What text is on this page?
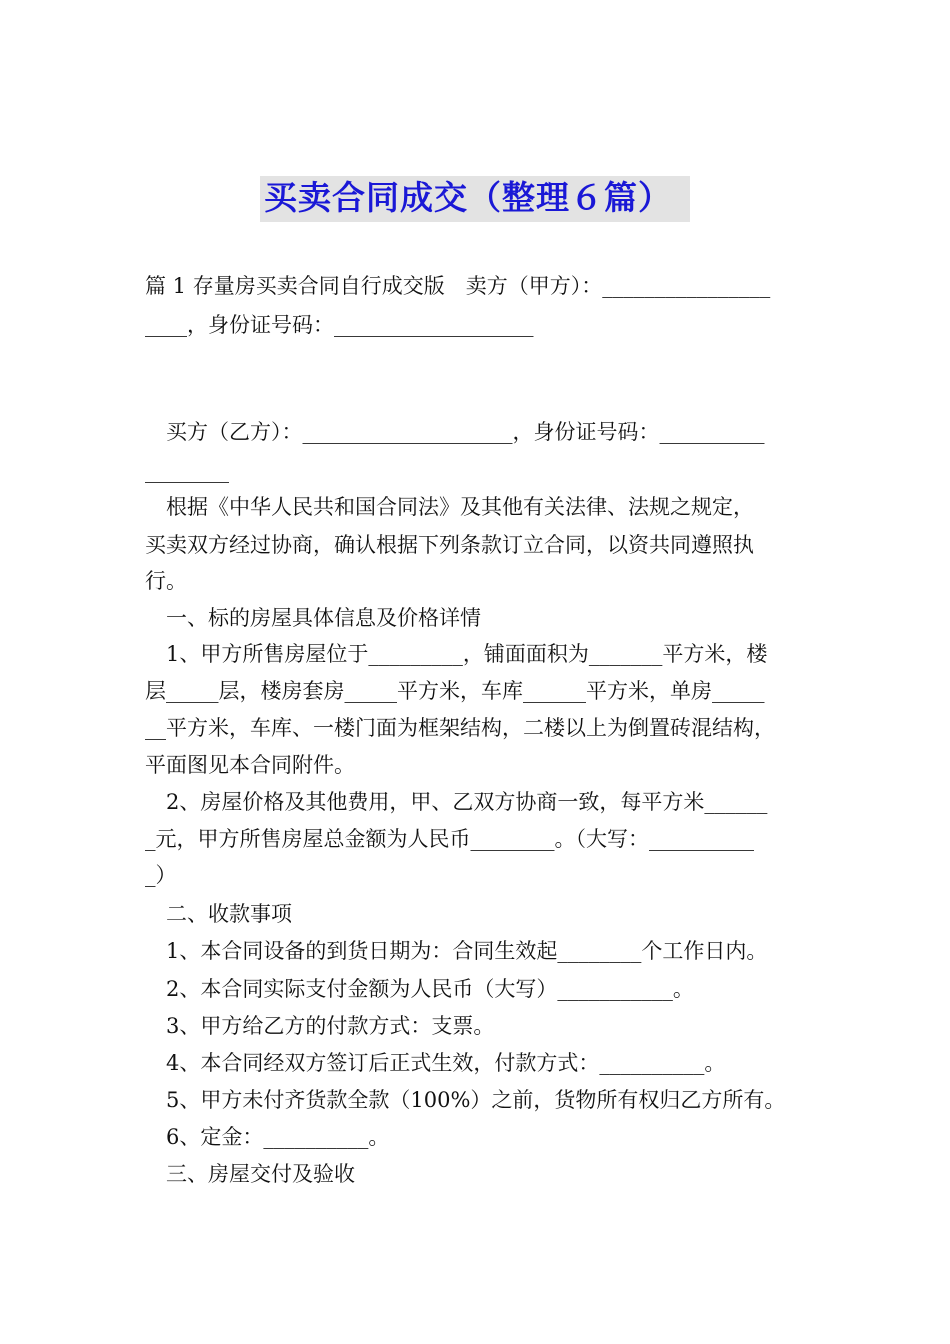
买卖合同成交（整理６篇）
篇 1 存量房买卖合同自行成交版　卖方（甲方）：________________
____，身份证号码：___________________
　买方（乙方）：____________________，身份证号码：__________
________
　根据《中华人民共和国合同法》及其他有关法律、法规之规定，
买卖双方经过协商，确认根据下列条款订立合同，以资共同遵照执
行。
　一、标的房屋具体信息及价格详情
　1、甲方所售房屋位于_________，铺面面积为_______平方米，楼
层_____层，楼房套房_____平方米，车库______平方米，单房_____
__平方米，车库、一楼门面为框架结构，二楼以上为倒置砖混结构，
平面图见本合同附件。
　2、房屋价格及其他费用，甲、乙双方协商一致，每平方米______
_元，甲方所售房屋总金额为人民币________。（大写：__________
_）
　二、收款事项
　1、本合同设备的到货日期为：合同生效起________个工作日内。
　2、本合同实际支付金额为人民币（大写）___________。
　3、甲方给乙方的付款方式：支票。
　4、本合同经双方签订后正式生效，付款方式：__________。
　5、甲方未付齐货款全款（100%）之前，货物所有权归乙方所有。
　6、定金：__________。
　三、房屋交付及验收
